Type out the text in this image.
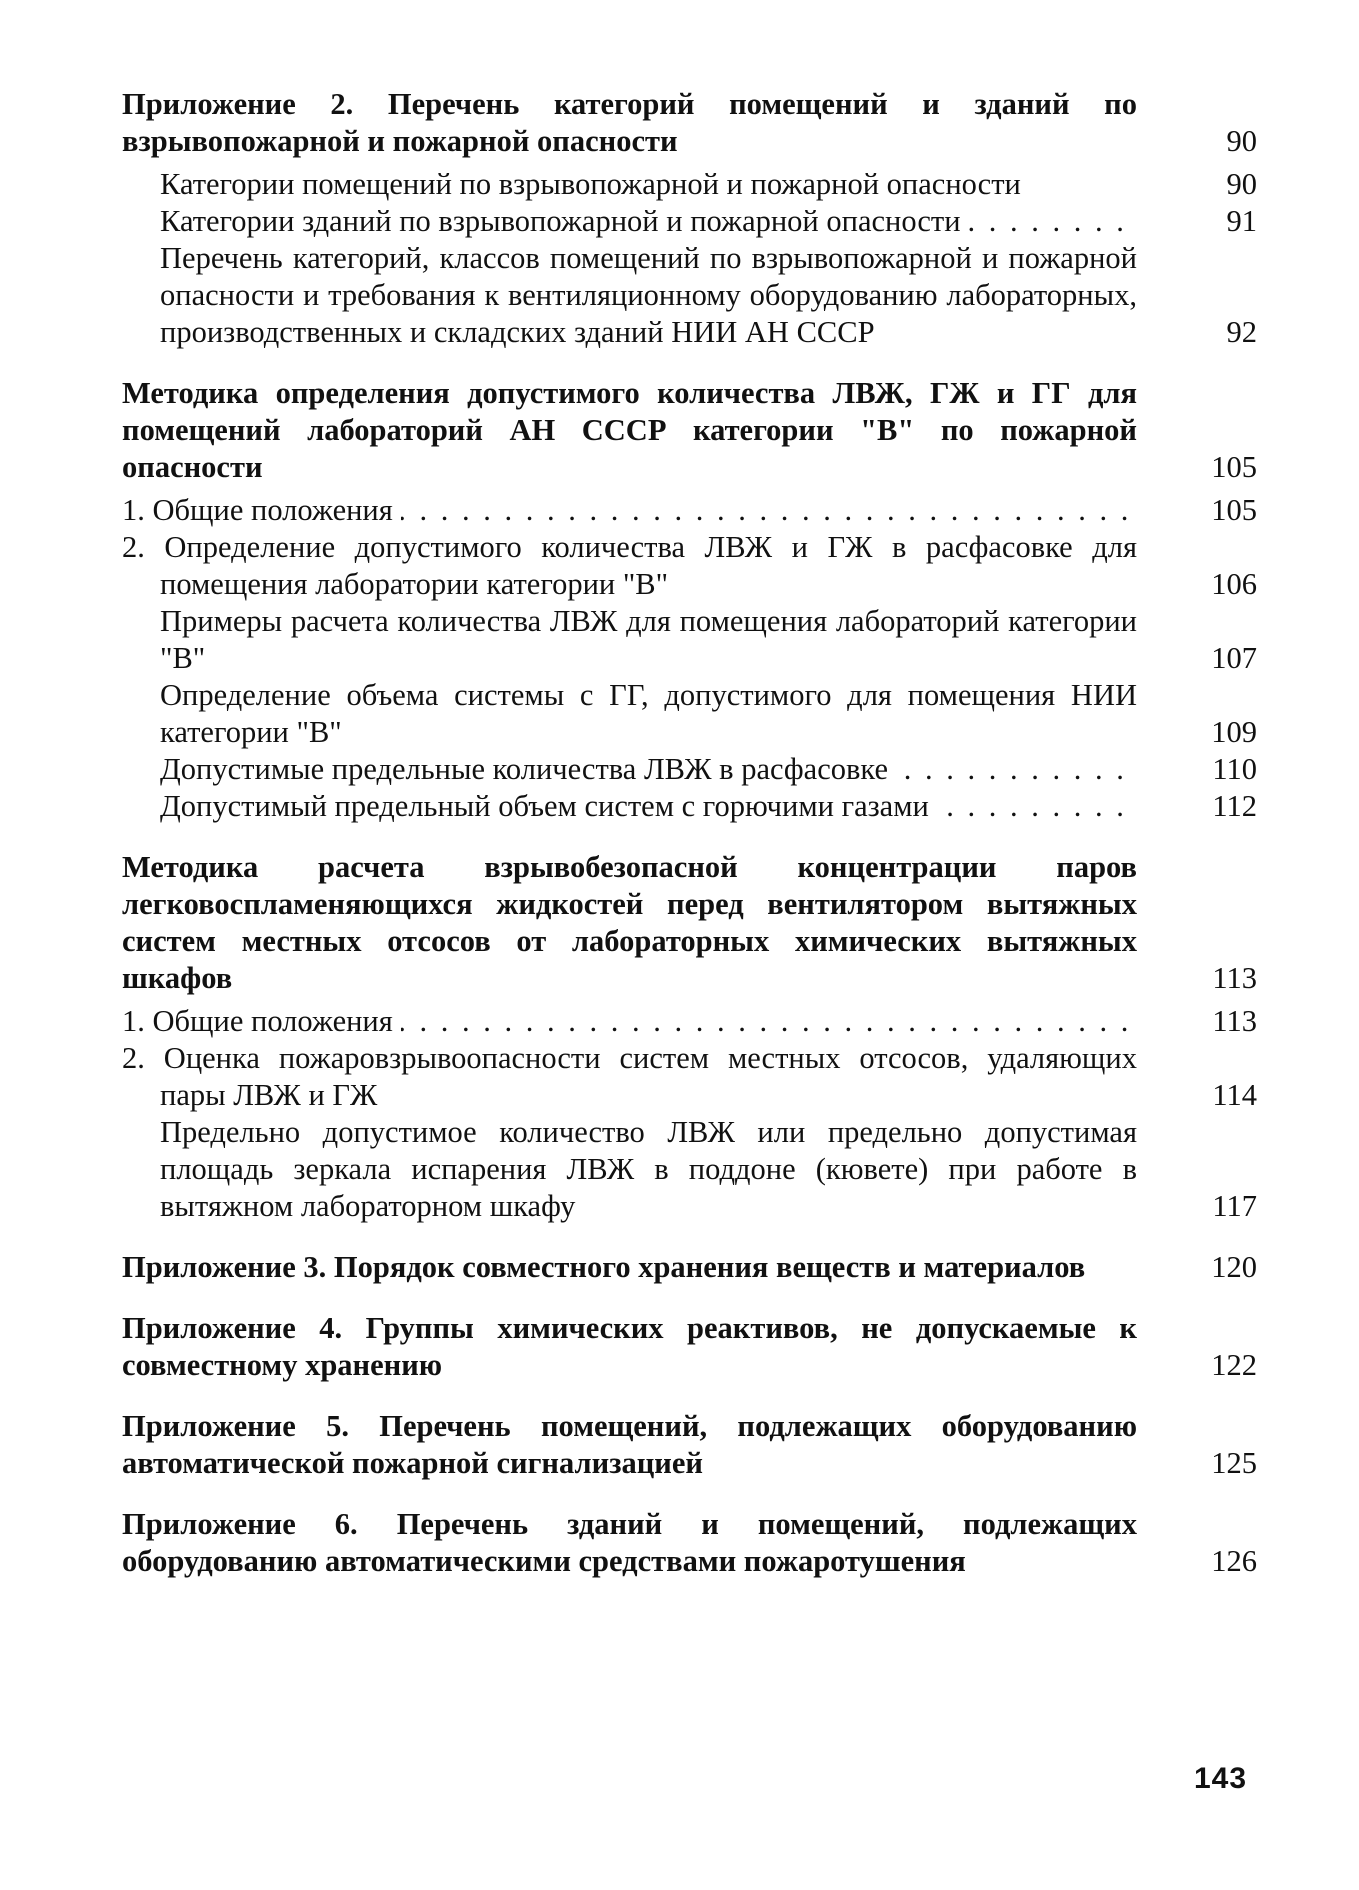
Приложение 2. Перечень категорий помещений и зданий по взрывопожарной и пожарной опасности	90
Категории помещений по взрывопожарной и пожарной опасности	90
Категории зданий по взрывопожарной и пожарной опасности . . .	91
Перечень категорий, классов помещений по взрывопожарной и пожарной опасности и требования к вентиляционному оборудованию лабораторных, производственных и складских зданий НИИ АН СССР	92
Методика определения допустимого количества ЛВЖ, ГЖ и ГГ для помещений лабораторий АН СССР категории "В" по пожарной опасности	105
1. Общие положения . . .	105
2. Определение допустимого количества ЛВЖ и ГЖ в расфасовке для помещения лаборатории категории "В"	106
Примеры расчета количества ЛВЖ для помещения лабораторий категории "В"	107
Определение объема системы с ГГ, допустимого для помещения НИИ категории "В"	109
Допустимые предельные количества ЛВЖ в расфасовке . . .	110
Допустимый предельный объем систем с горючими газами . . .	112
Методика расчета взрывобезопасной концентрации паров легковоспламеняющихся жидкостей перед вентилятором вытяжных систем местных отсосов от лабораторных химических вытяжных шкафов	113
1. Общие положения . . .	113
2. Оценка пожаровзрывоопасности систем местных отсосов, удаляющих пары ЛВЖ и ГЖ	114
Предельно допустимое количество ЛВЖ или предельно допустимая площадь зеркала испарения ЛВЖ в поддоне (кювете) при работе в вытяжном лабораторном шкафу	117
Приложение 3. Порядок совместного хранения веществ и материалов	120
Приложение 4. Группы химических реактивов, не допускаемые к совместному хранению	122
Приложение 5. Перечень помещений, подлежащих оборудованию автоматической пожарной сигнализацией	125
Приложение 6. Перечень зданий и помещений, подлежащих оборудованию автоматическими средствами пожаротушения	126
143
